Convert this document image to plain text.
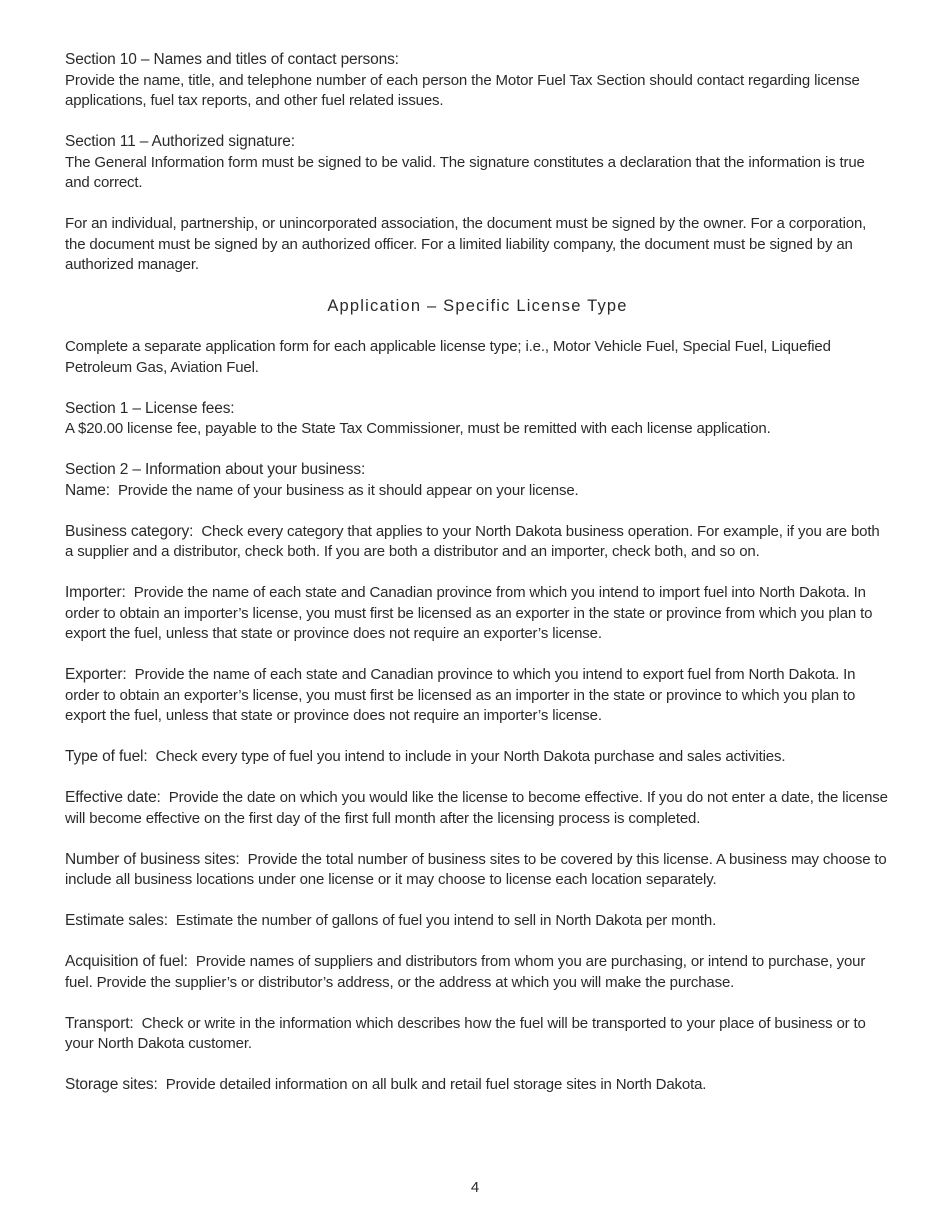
Section 10 – Names and titles of contact persons:
Provide the name, title, and telephone number of each person the Motor Fuel Tax Section should contact regarding license applications, fuel tax reports, and other fuel related issues.

Section 11 – Authorized signature:
The General Information form must be signed to be valid. The signature constitutes a declaration that the information is true and correct.

For an individual, partnership, or unincorporated association, the document must be signed by the owner. For a corporation, the document must be signed by an authorized officer. For a limited liability company, the document must be signed by an authorized manager.

Application – Specific License Type

Complete a separate application form for each applicable license type; i.e., Motor Vehicle Fuel, Special Fuel, Liquefied Petroleum Gas, Aviation Fuel.

Section 1 – License fees:
A $20.00 license fee, payable to the State Tax Commissioner, must be remitted with each license application.

Section 2 – Information about your business:
Name: Provide the name of your business as it should appear on your license.

Business category: Check every category that applies to your North Dakota business operation. For example, if you are both a supplier and a distributor, check both. If you are both a distributor and an importer, check both, and so on.

Importer: Provide the name of each state and Canadian province from which you intend to import fuel into North Dakota. In order to obtain an importer’s license, you must first be licensed as an exporter in the state or province from which you plan to export the fuel, unless that state or province does not require an exporter’s license.

Exporter: Provide the name of each state and Canadian province to which you intend to export fuel from North Dakota. In order to obtain an exporter’s license, you must first be licensed as an importer in the state or province to which you plan to export the fuel, unless that state or province does not require an importer’s license.

Type of fuel: Check every type of fuel you intend to include in your North Dakota purchase and sales activities.

Effective date: Provide the date on which you would like the license to become effective. If you do not enter a date, the license will become effective on the first day of the first full month after the licensing process is completed.

Number of business sites: Provide the total number of business sites to be covered by this license. A business may choose to include all business locations under one license or it may choose to license each location separately.

Estimate sales: Estimate the number of gallons of fuel you intend to sell in North Dakota per month.

Acquisition of fuel: Provide names of suppliers and distributors from whom you are purchasing, or intend to purchase, your fuel. Provide the supplier’s or distributor’s address, or the address at which you will make the purchase.

Transport: Check or write in the information which describes how the fuel will be transported to your place of business or to your North Dakota customer.

Storage sites: Provide detailed information on all bulk and retail fuel storage sites in North Dakota.

4
